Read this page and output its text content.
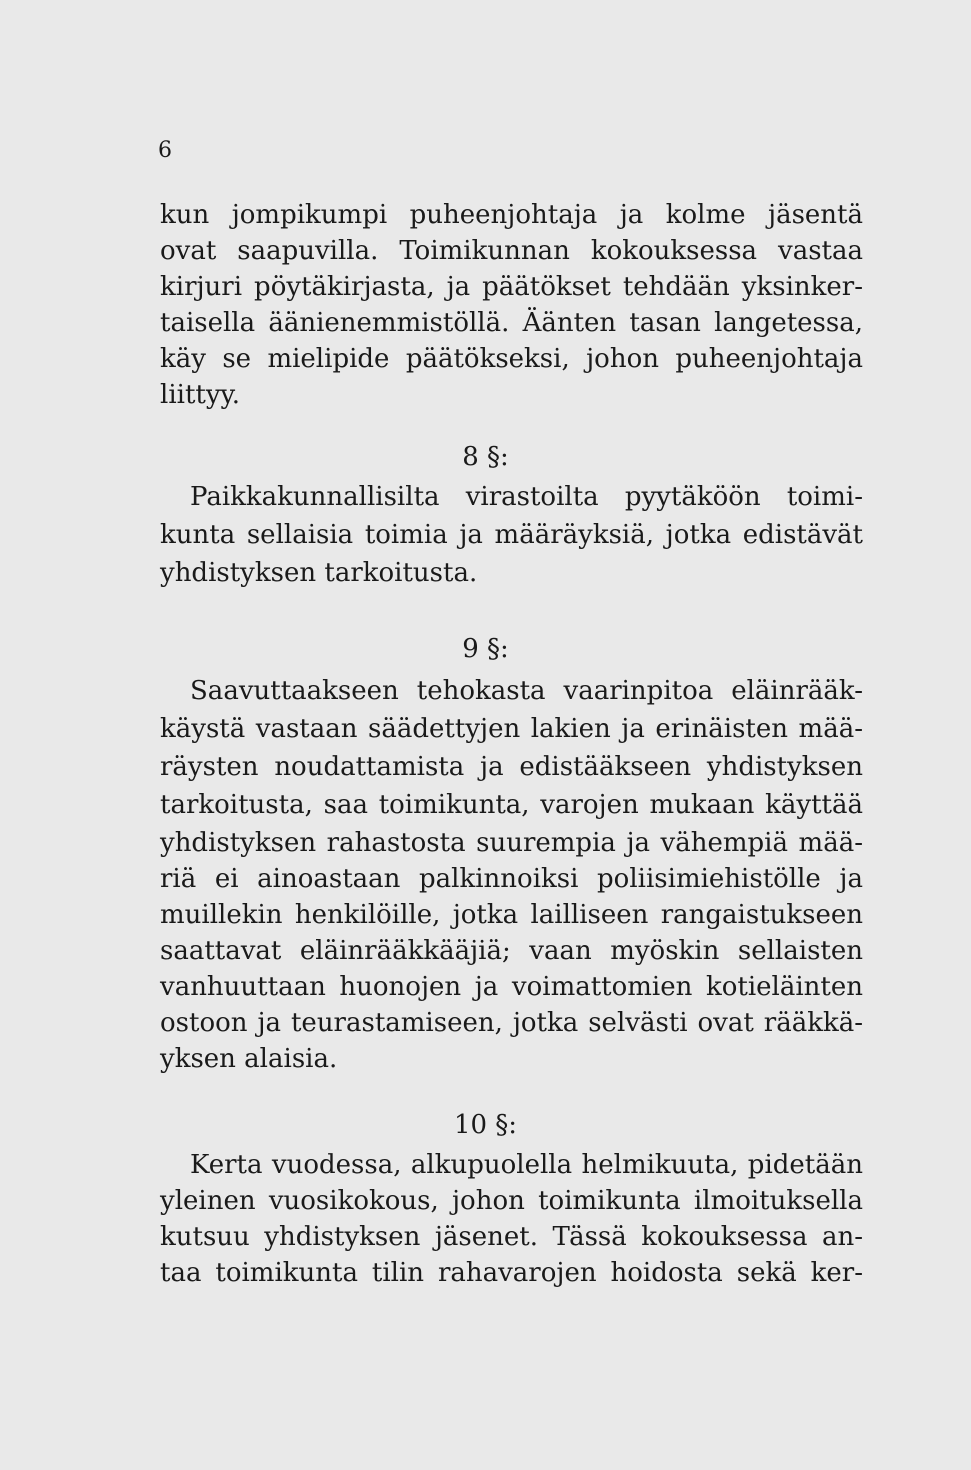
6
kun jompikumpi puheenjohtaja ja kolme jäsentä
ovat saapuvilla. Toimikunnan kokouksessa vastaa
kirjuri pöytäkirjasta, ja päätökset tehdään yksinker-
taisella äänienemmistöllä. Äänten tasan langetessa,
käy se mielipide päätökseksi, johon puheenjohtaja
liittyy.
8 §:
Paikkakunnallisilta virastoilta pyytäköön toimi-
kunta sellaisia toimia ja määräyksiä, jotka edistävät
yhdistyksen tarkoitusta.
9 §:
Saavuttaakseen tehokasta vaarinpitoa eläinrääk-
käystä vastaan säädettyjen lakien ja erinäisten mää-
räysten noudattamista ja edistääkseen yhdistyksen
tarkoitusta, saa toimikunta, varojen mukaan käyttää
yhdistyksen rahastosta suurempia ja vähempiä mää-
riä ei ainoastaan palkinnoiksi poliisimiehistölle ja
muillekin henkilöille, jotka lailliseen rangaistukseen
saattavat eläinrääkkääjiä; vaan myöskin sellaisten
vanhuuttaan huonojen ja voimattomien kotieläinten
ostoon ja teurastamiseen, jotka selvästi ovat rääkkä-
yksen alaisia.
10 §:
Kerta vuodessa, alkupuolella helmikuuta, pidetään
yleinen vuosikokous, johon toimikunta ilmoituksella
kutsuu yhdistyksen jäsenet. Tässä kokouksessa an-
taa toimikunta tilin rahavarojen hoidosta sekä ker-
